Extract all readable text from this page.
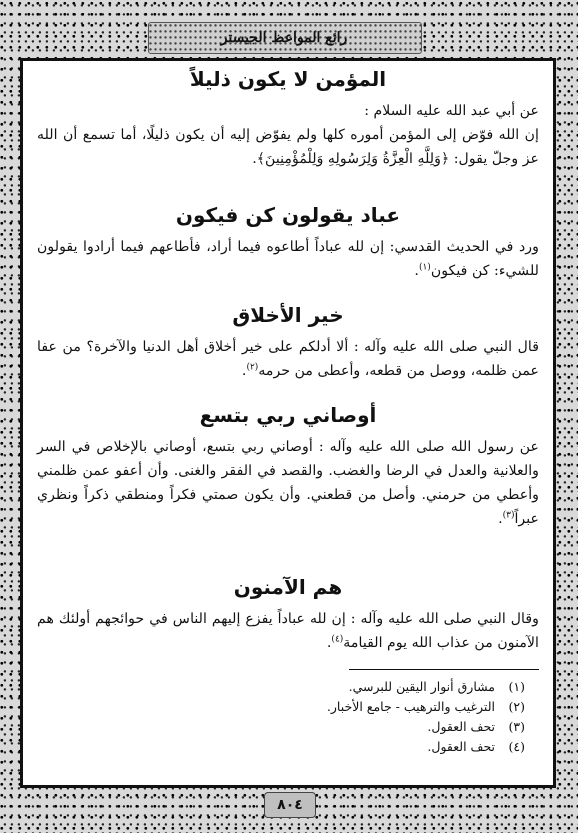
رائع المواعظ الجيستر
المؤمن لا يكون ذليلاً

عن أبي عبد الله عليه السلام :

إن الله فوّض إلى المؤمن أموره كلها ولم يفوّض إليه أن يكون ذليلًا، أما تسمع أن الله عز وجلّ يقول: ﴿وَلِلَّهِ الْعِزَّةُ وَلِرَسُولِهِ وَلِلْمُؤْمِنِينَ﴾.

عباد يقولون كن فيكون

ورد في الحديث القدسي: إن لله عباداً أطاعوه فيما أراد، فأطاعهم فيما أرادوا يقولون للشيء: كن فيكون$^{(١)}$.

خير الأخلاق

قال النبي صلى الله عليه وآله : ألا أدلكم على خير أخلاق أهل الدنيا والآخرة؟ من عفا عمن ظلمه، ووصل من قطعه، وأعطى من حرمه$^{(٢)}$.

أوصاني ربي بتسع

عن رسول الله صلى الله عليه وآله : أوصاني ربي بتسع، أوصاني بالإخلاص في السر والعلانية والعدل في الرضا والغضب. والقصد في الفقر والغنى. وأن أعفو عمن ظلمني وأعطي من حرمني. وأصل من قطعني. وأن يكون صمتي فكراً ومنطقي ذكراً ونظري عبراً$^{(٣)}$.

هم الآمنون

وقال النبي صلى الله عليه وآله : إن لله عباداً يفزع إليهم الناس في حوائجهم أولئك هم الآمنون من عذاب الله يوم القيامة$^{(٤)}$.

(١)
مشارق أنوار اليقين للبرسي.
(٢)
الترغيب والترهيب - جامع الأخبار.
(٣)
تحف العقول.
(٤)
تحف العقول.
٨٠٤
